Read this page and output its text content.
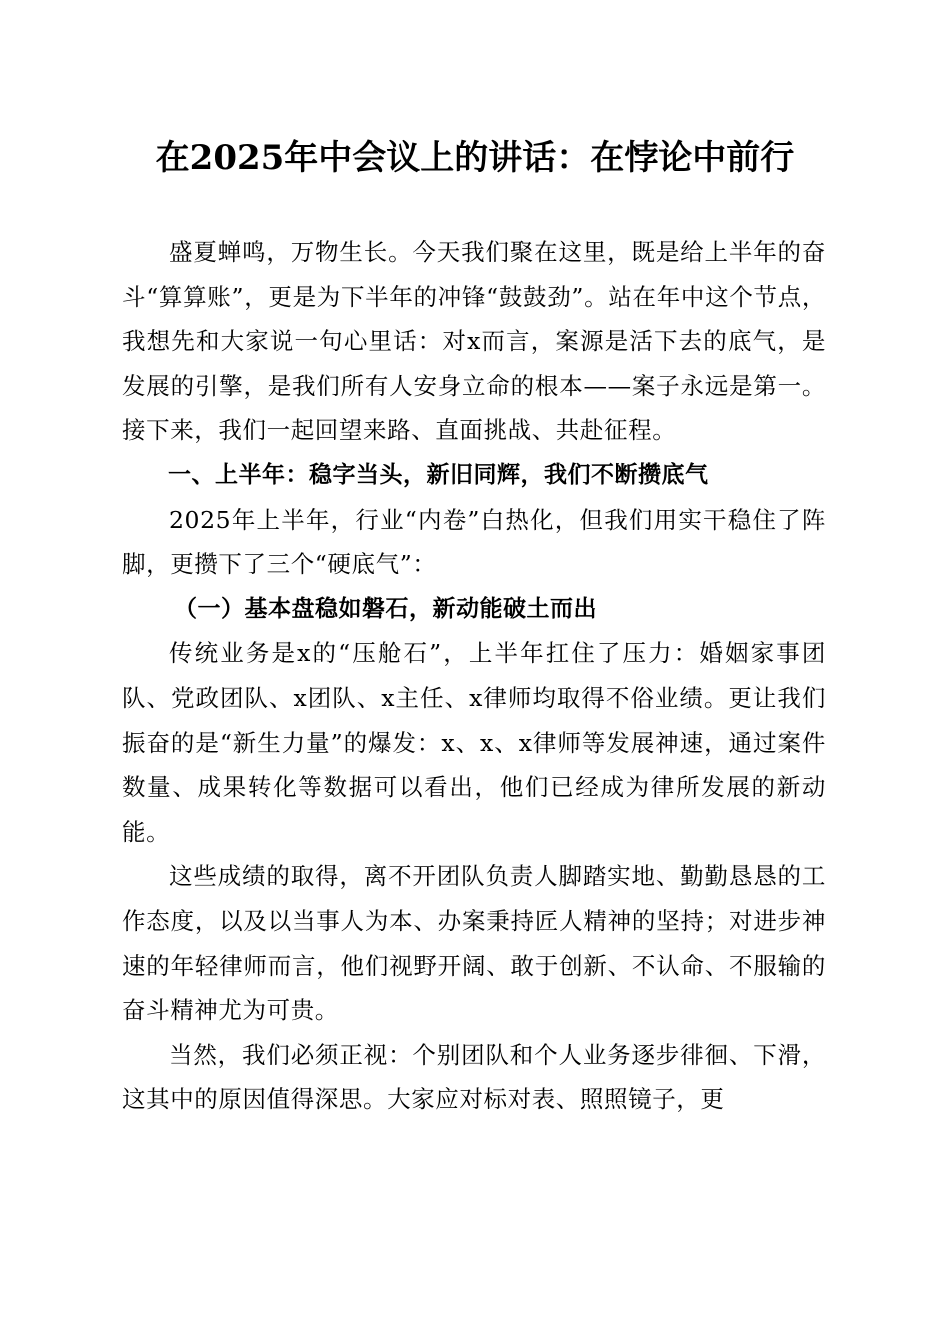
在2025年中会议上的讲话：在悖论中前行

盛夏蝉鸣，万物生长。今天我们聚在这里，既是给上半年的奋斗“算算账”，更是为下半年的冲锋“鼓鼓劲”。站在年中这个节点，我想先和大家说一句心里话：对x而言，案源是活下去的底气，是发展的引擎，是我们所有人安身立命的根本——案子永远是第一。接下来，我们一起回望来路、直面挑战、共赴征程。

一、上半年：稳字当头，新旧同辉，我们不断攒底气

2025年上半年，行业“内卷”白热化，但我们用实干稳住了阵脚，更攒下了三个“硬底气”：

（一）基本盘稳如磐石，新动能破土而出

传统业务是x的“压舱石”，上半年扛住了压力：婚姻家事团队、党政团队、x团队、x主任、x律师均取得不俗业绩。更让我们振奋的是“新生力量”的爆发：x、x、x律师等发展神速，通过案件数量、成果转化等数据可以看出，他们已经成为律所发展的新动能。

这些成绩的取得，离不开团队负责人脚踏实地、勤勤恳恳的工作态度，以及以当事人为本、办案秉持匠人精神的坚持；对进步神速的年轻律师而言，他们视野开阔、敢于创新、不认命、不服输的奋斗精神尤为可贵。

当然，我们必须正视：个别团队和个人业务逐步徘徊、下滑，这其中的原因值得深思。大家应对标对表、照照镜子，更
